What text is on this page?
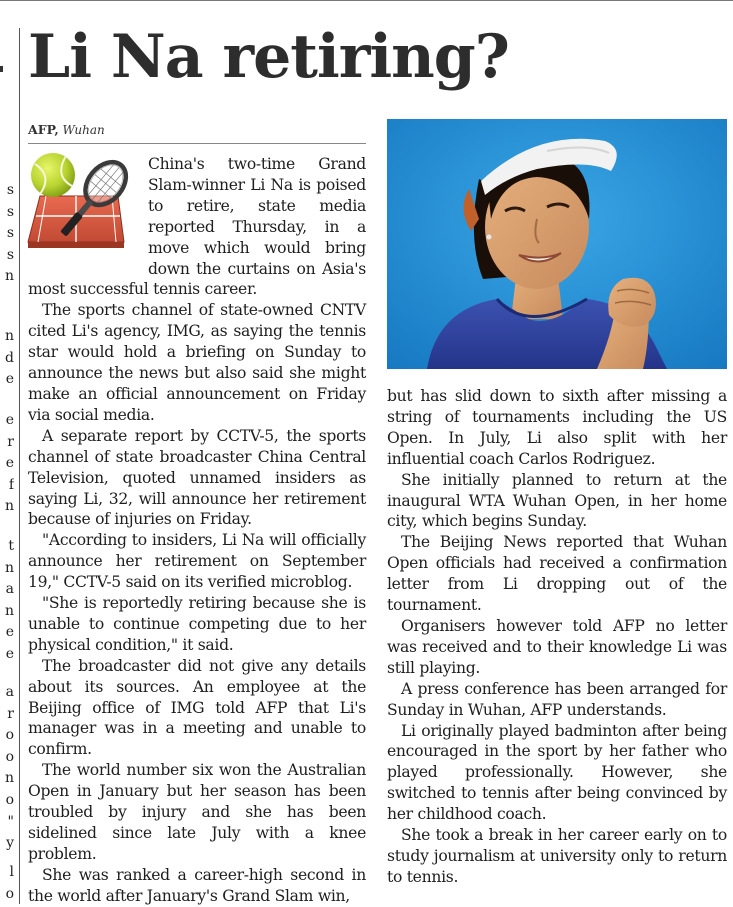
s
s
s
s
n
n
d
e
e
r
e
f
n
t
n
a
n
e
e
a
r
o
o
n
o
"
y
l
o
Li Na retiring?
AFP, Wuhan

China's two-time Grand Slam-winner Li Na is poised to retire, state media reported Thursday, in a move which would bring down the curtains on Asia's most successful tennis career.

The sports channel of state-owned CNTV cited Li's agency, IMG, as saying the tennis star would hold a briefing on Sunday to announce the news but also said she might make an official announcement on Friday via social media.

A separate report by CCTV-5, the sports channel of state broadcaster China Central Television, quoted unnamed insiders as saying Li, 32, will announce her retirement because of injuries on Friday.

"According to insiders, Li Na will officially announce her retirement on September 19," CCTV-5 said on its verified microblog.

"She is reportedly retiring because she is unable to continue competing due to her physical condition," it said.

The broadcaster did not give any details about its sources. An employee at the Beijing office of IMG told AFP that Li's manager was in a meeting and unable to confirm.

The world number six won the Australian Open in January but her season has been troubled by injury and she has been sidelined since late July with a knee problem.

She was ranked a career-high second in the world after January's Grand Slam win,

but has slid down to sixth after missing a string of tournaments including the US Open. In July, Li also split with her influential coach Carlos Rodriguez.

She initially planned to return at the inaugural WTA Wuhan Open, in her home city, which begins Sunday.

The Beijing News reported that Wuhan Open officials had received a confirmation letter from Li dropping out of the tournament.

Organisers however told AFP no letter was received and to their knowledge Li was still playing.

A press conference has been arranged for Sunday in Wuhan, AFP understands.

Li originally played badminton after being encouraged in the sport by her father who played professionally. However, she switched to tennis after being convinced by her childhood coach.

She took a break in her career early on to study journalism at university only to return to tennis.
